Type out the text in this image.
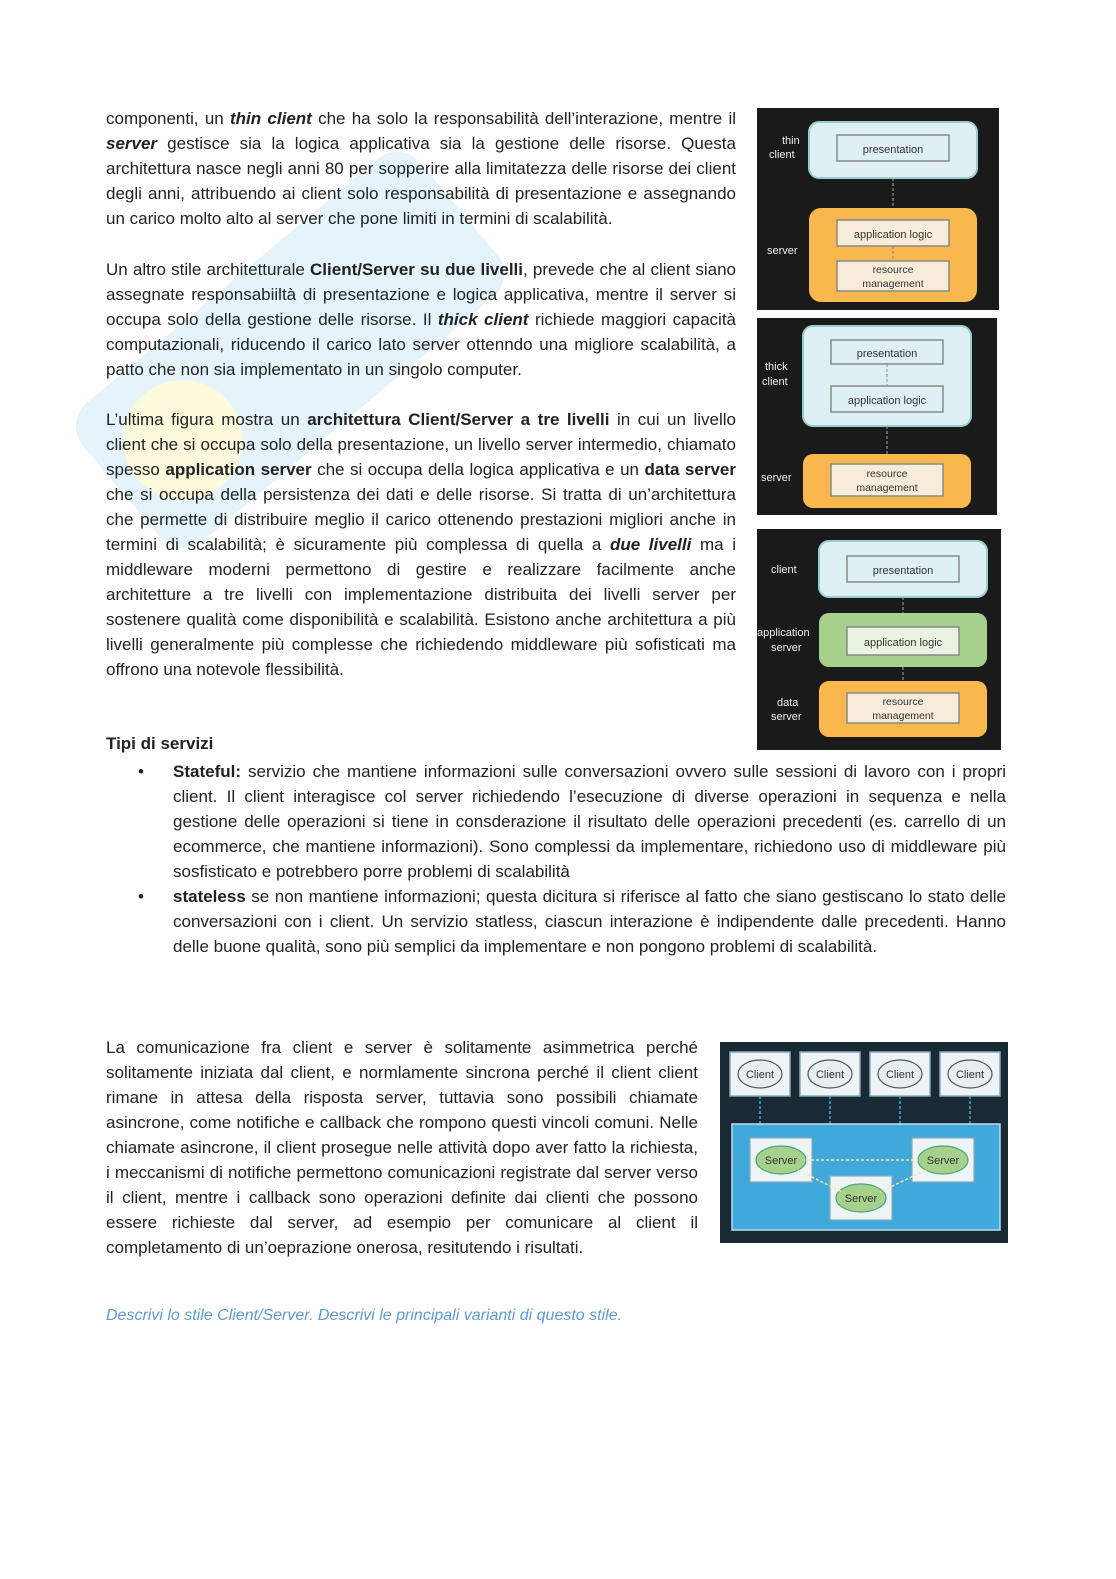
componenti, un thin client che ha solo la responsabilità dell’interazione, mentre il server gestisce sia la logica applicativa sia la gestione delle risorse. Questa architettura nasce negli anni 80 per sopperire alla limitatezza delle risorse dei client degli anni, attribuendo ai client solo responsabilità di presentazione e assegnando un carico molto alto al server che pone limiti in termini di scalabilità.

Un altro stile architetturale Client/Server su due livelli, prevede che al client siano assegnate responsabiiltà di presentazione e logica applicativa, mentre il server si occupa solo della gestione delle risorse. Il thick client richiede maggiori capacità computazionali, riducendo il carico lato server ottenndo una migliore scalabilità, a patto che non sia implementato in un singolo computer.

L’ultima figura mostra un architettura Client/Server a tre livelli in cui un livello client che si occupa solo della presentazione, un livello server intermedio, chiamato spesso application server che si occupa della logica applicativa e un data server che si occupa della persistenza dei dati e delle risorse. Si tratta di un’architettura che permette di distribuire meglio il carico ottenendo prestazioni migliori anche in termini di scalabilità; è sicuramente più complessa di quella a due livelli ma i middleware moderni permettono di gestire e realizzare facilmente anche architetture a tre livelli con implementazione distribuita dei livelli server per sostenere qualità come disponibilità e scalabilità. Esistono anche architettura a più livelli generalmente più complesse che richiedendo middleware più sofisticati ma offrono una notevole flessibilità.

thin
client
server
presentation
application logic
resource
management
thick
client
server
presentation
application logic
resource
management
client
application
server
data
server
presentation
application logic
resource
management
Tipi di servizi
• Stateful: servizio che mantiene informazioni sulle conversazioni ovvero sulle sessioni di lavoro con i propri client. Il client interagisce col server richiedendo l’esecuzione di diverse operazioni in sequenza e nella gestione delle operazioni si tiene in consderazione il risultato delle operazioni precedenti (es. carrello di un ecommerce, che mantiene informazioni). Sono complessi da implementare, richiedono uso di middleware più sosfisticato e potrebbero porre problemi di scalabilità
• stateless se non mantiene informazioni; questa dicitura si riferisce al fatto che siano gestiscano lo stato delle conversazioni con i client. Un servizio statless, ciascun interazione è indipendente dalle precedenti. Hanno delle buone qualità, sono più semplici da implementare e non pongono problemi di scalabilità.

La comunicazione fra client e server è solitamente asimmetrica perché solitamente iniziata dal client, e normlamente sincrona perché il client client rimane in attesa della risposta server, tuttavia sono possibili chiamate asincrone, come notifiche e callback che rompono questi vincoli comuni. Nelle chiamate asincrone, il client prosegue nelle attività dopo aver fatto la richiesta, i meccanismi di notifiche permettono comunicazioni registrate dal server verso il client, mentre i callback sono operazioni definite dai clienti che possono essere richieste dal server, ad esempio per comunicare al client il completamento di un’oeprazione onerosa, resitutendo i risultati.

Client	Client	Client	Client
Server	Server
Server
Descrivi lo stile Client/Server. Descrivi le principali varianti di questo stile.
